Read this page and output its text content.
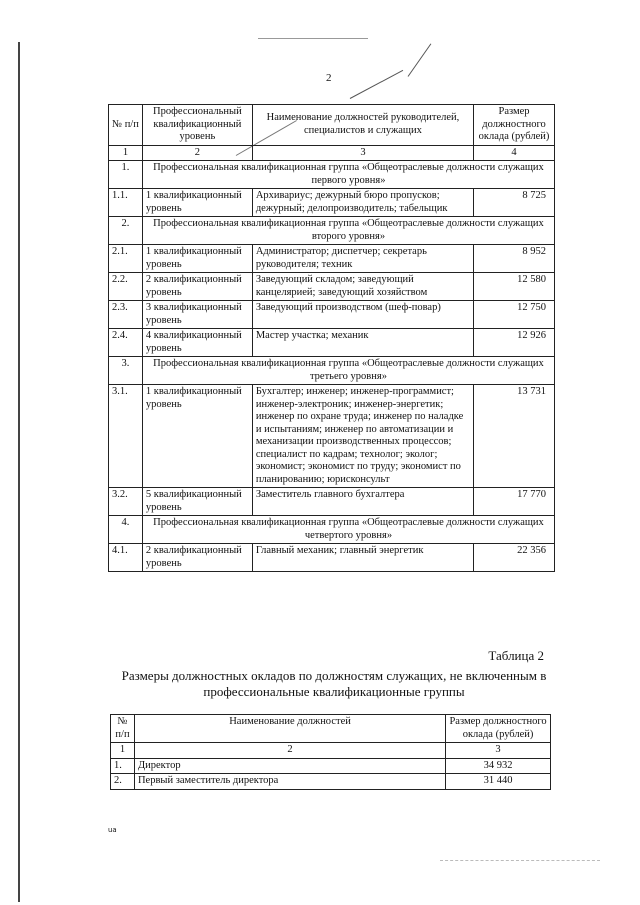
2
№ п/п	Профессиональный квалификационный уровень	Наименование должностей руководителей, специалистов и служащих	Размер должностного оклада (рублей)
1	2	3	4
1.	Профессиональная квалификационная группа «Общеотраслевые должности служащих первого уровня»		
1.1.	1 квалификационный уровень	Архивариус; дежурный бюро пропусков; дежурный; делопроизводитель; табельщик	8 725
2.	Профессиональная квалификационная группа «Общеотраслевые должности служащих второго уровня»		
2.1.	1 квалификационный уровень	Администратор; диспетчер; секретарь руководителя; техник	8 952
2.2.	2 квалификационный уровень	Заведующий складом; заведующий канцелярией; заведующий хозяйством	12 580
2.3.	3 квалификационный уровень	Заведующий производством (шеф-повар)	12 750
2.4.	4 квалификационный уровень	Мастер участка; механик	12 926
3.	Профессиональная квалификационная группа «Общеотраслевые должности служащих третьего уровня»		
3.1.	1 квалификационный уровень	Бухгалтер; инженер; инженер-программист; инженер-электроник; инженер-энергетик; инженер по охране труда; инженер по наладке и испытаниям; инженер по автоматизации и механизации производственных процессов; специалист по кадрам; технолог; эколог; экономист; экономист по труду; экономист по планированию; юрисконсульт	13 731
3.2.	5 квалификационный уровень	Заместитель главного бухгалтера	17 770
4.	Профессиональная квалификационная группа «Общеотраслевые должности служащих четвертого уровня»		
4.1.	2 квалификационный уровень	Главный механик; главный энергетик	22 356
Таблица 2
Размеры должностных окладов по должностям служащих, не включенным в профессиональные квалификационные группы
№ п/п	Наименование должностей	Размер должностного оклада (рублей)
1	2	3
1.	Директор	34 932
2.	Первый заместитель директора	31 440
ua
